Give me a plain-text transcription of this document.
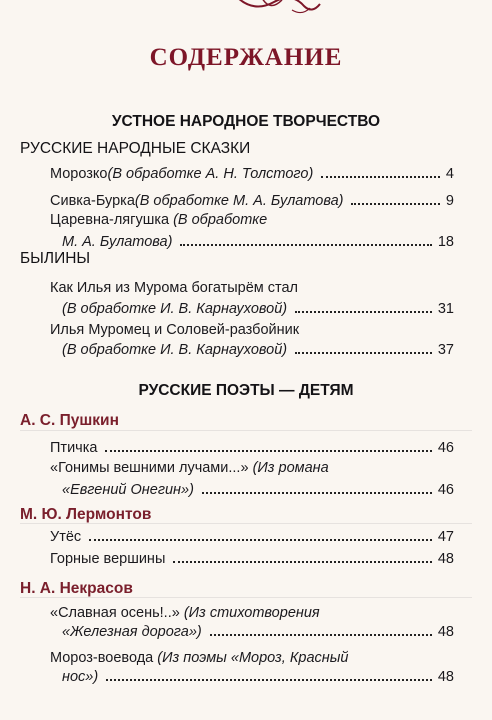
СОДЕРЖАНИЕ
УСТНОЕ НАРОДНОЕ ТВОРЧЕСТВО
РУССКИЕ НАРОДНЫЕ СКАЗКИ
Морозко (В обработке А. Н. Толстого)	4
Сивка-Бурка (В обработке М. А. Булатова)	9
Царевна-лягушка (В обработке
М. А. Булатова)	18
БЫЛИНЫ
Как Илья из Мурома богатырём стал
(В обработке И. В. Карнауховой)	31
Илья Муромец и Соловей-разбойник
(В обработке И. В. Карнауховой)	37
РУССКИЕ ПОЭТЫ — ДЕТЯМ
А. С. Пушкин
Птичка	46
«Гонимы вешними лучами...» (Из романа
«Евгений Онегин»)	46
М. Ю. Лермонтов
Утёс	47
Горные вершины	48
Н. А. Некрасов
«Славная осень!..» (Из стихотворения
«Железная дорога»)	48
Мороз-воевода (Из поэмы «Мороз, Красный
нос»)	48
